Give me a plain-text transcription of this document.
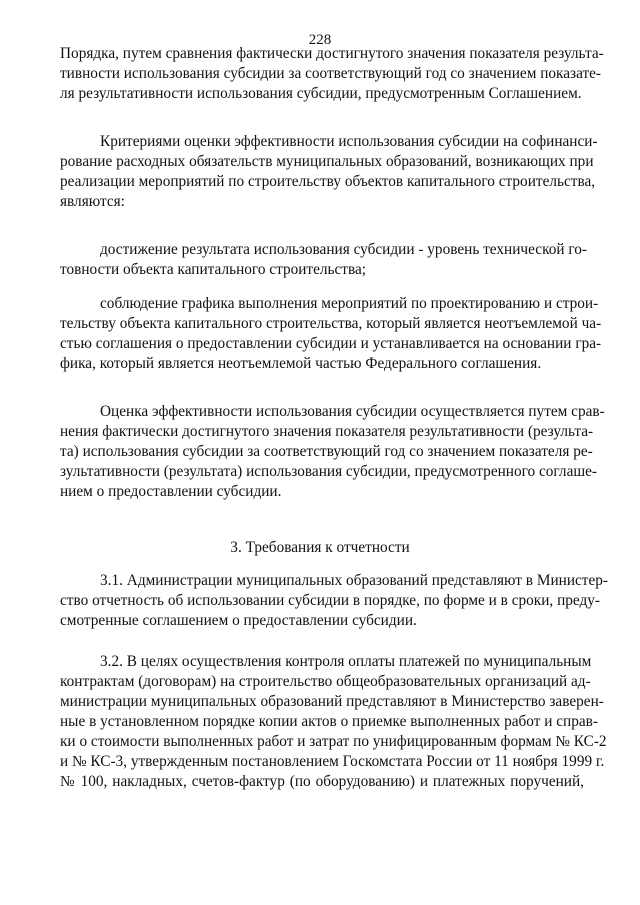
228
Порядка, путем сравнения фактически достигнутого значения показателя результа-
тивности использования субсидии за соответствующий год со значением показате-
ля результативности использования субсидии, предусмотренным Соглашением.
Критериями оценки эффективности использования субсидии на софинанси-
рование расходных обязательств муниципальных образований, возникающих при
реализации мероприятий по строительству объектов капитального строительства,
являются:
достижение результата использования субсидии - уровень технической го-
товности объекта капитального строительства;
соблюдение графика выполнения мероприятий по проектированию и строи-
тельству объекта капитального строительства, который является неотъемлемой ча-
стью соглашения о предоставлении субсидии и устанавливается на основании гра-
фика, который является неотъемлемой частью Федерального соглашения.
Оценка эффективности использования субсидии осуществляется путем срав-
нения фактически достигнутого значения показателя результативности (результа-
та) использования субсидии за соответствующий год со значением показателя ре-
зультативности (результата) использования субсидии, предусмотренного соглаше-
нием о предоставлении субсидии.
3. Требования к отчетности
3.1. Администрации муниципальных образований представляют в Министер-
ство отчетность об использовании субсидии в порядке, по форме и в сроки, преду-
смотренные соглашением о предоставлении субсидии.
3.2. В целях осуществления контроля оплаты платежей по муниципальным
контрактам (договорам) на строительство общеобразовательных организаций ад-
министрации муниципальных образований представляют в Министерство заверен-
ные в установленном порядке копии актов о приемке выполненных работ и справ-
ки о стоимости выполненных работ и затрат по унифицированным формам № КС-2
и № КС-3, утвержденным постановлением Госкомстата России от 11 ноября 1999 г.
№ 100, накладных, счетов-фактур (по оборудованию) и платежных поручений,
